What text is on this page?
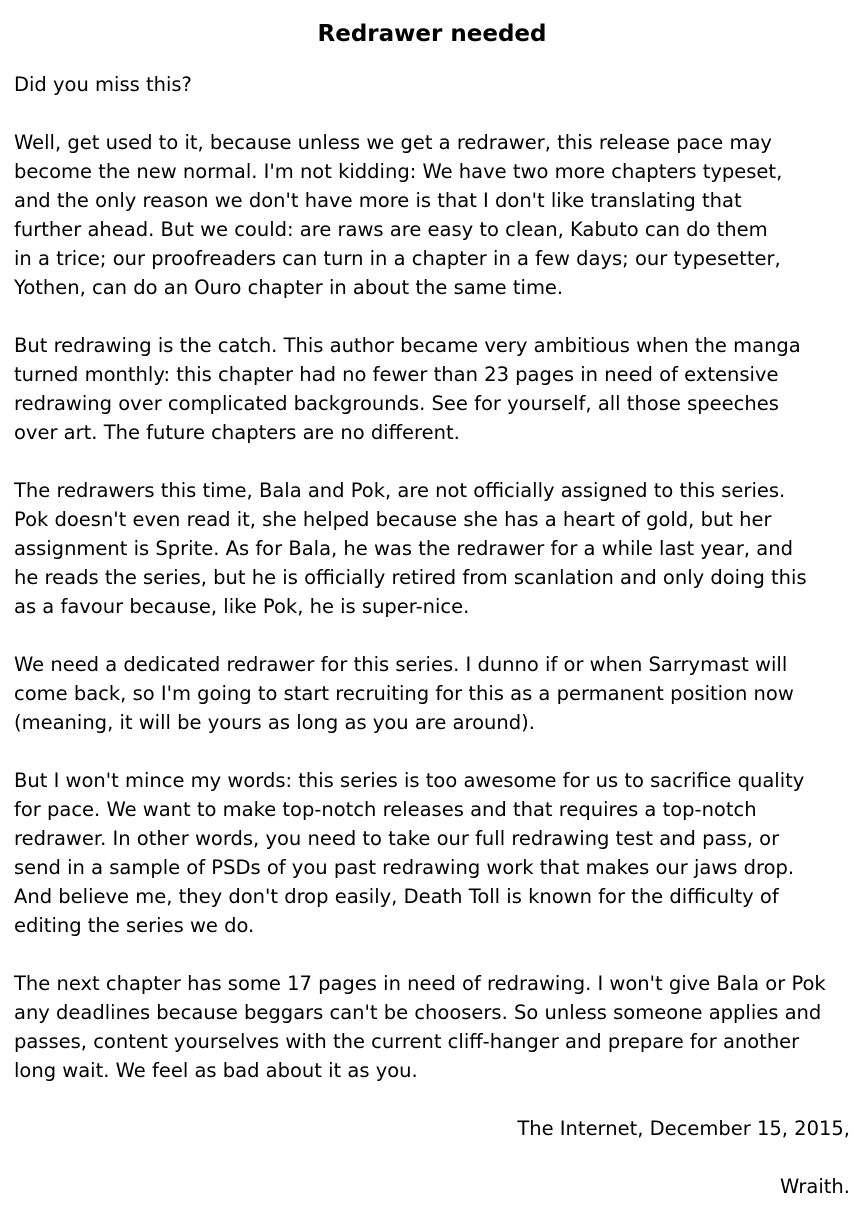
Redrawer needed
Did you miss this?
Well, get used to it, because unless we get a redrawer, this release pace may
become the new normal. I'm not kidding: We have two more chapters typeset,
and the only reason we don't have more is that I don't like translating that
further ahead. But we could: are raws are easy to clean, Kabuto can do them
in a trice; our proofreaders can turn in a chapter in a few days; our typesetter,
Yothen, can do an Ouro chapter in about the same time.
But redrawing is the catch. This author became very ambitious when the manga
turned monthly: this chapter had no fewer than 23 pages in need of extensive
redrawing over complicated backgrounds. See for yourself, all those speeches
over art. The future chapters are no different.
The redrawers this time, Bala and Pok, are not officially assigned to this series.
Pok doesn't even read it, she helped because she has a heart of gold, but her
assignment is Sprite. As for Bala, he was the redrawer for a while last year, and
he reads the series, but he is officially retired from scanlation and only doing this
as a favour because, like Pok, he is super-nice.
We need a dedicated redrawer for this series. I dunno if or when Sarrymast will
come back, so I'm going to start recruiting for this as a permanent position now
(meaning, it will be yours as long as you are around).
But I won't mince my words: this series is too awesome for us to sacrifice quality
for pace. We want to make top-notch releases and that requires a top-notch
redrawer. In other words, you need to take our full redrawing test and pass, or
send in a sample of PSDs of you past redrawing work that makes our jaws drop.
And believe me, they don't drop easily, Death Toll is known for the difficulty of
editing the series we do.
The next chapter has some 17 pages in need of redrawing. I won't give Bala or Pok
any deadlines because beggars can't be choosers. So unless someone applies and
passes, content yourselves with the current cliff-hanger and prepare for another
long wait. We feel as bad about it as you.
The Internet, December 15, 2015,
Wraith.
